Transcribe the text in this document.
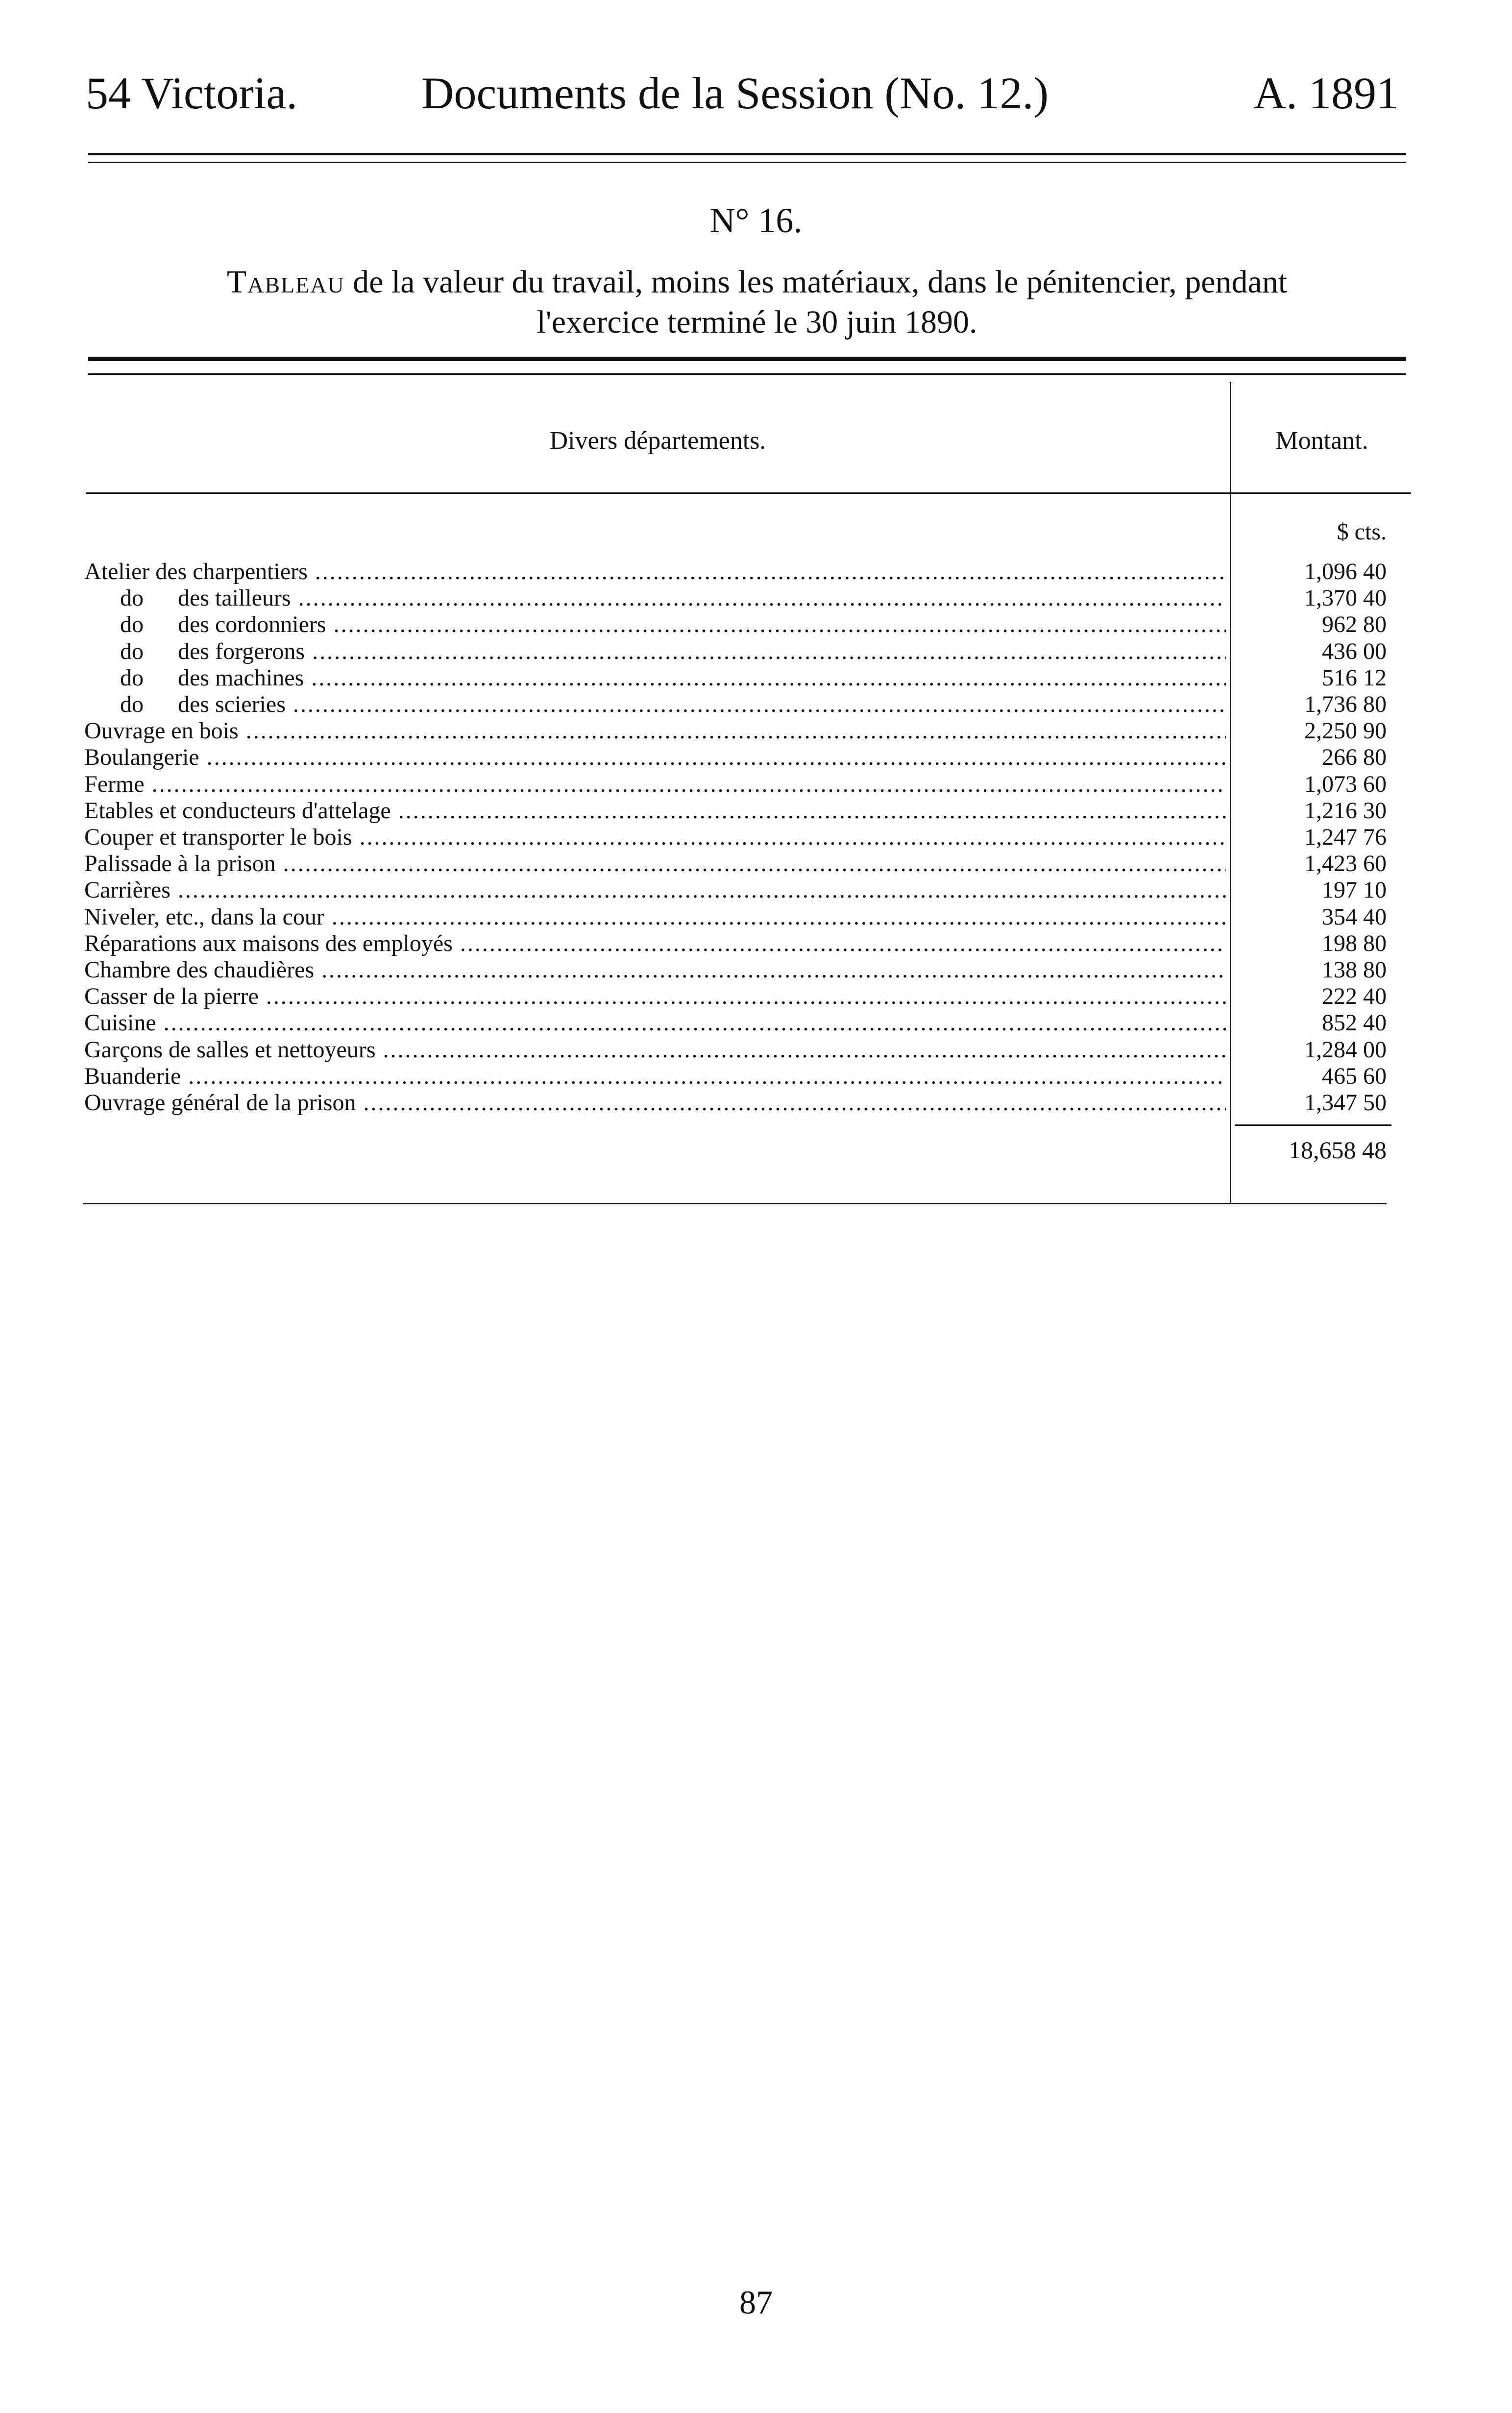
54 Victoria.	Documents de la Session (No. 12.)	A. 1891
N° 16.
Tableau de la valeur du travail, moins les matériaux, dans le pénitencier, pendant
l'exercice terminé le 30 juin 1890.
Divers départements.	Montant.
$ cts.
Atelier des charpentiers .....	1,096 40
do des tailleurs .....	1,370 40
do des cordonniers .....	962 80
do des forgerons .....	436 00
do des machines .....	516 12
do des scieries .....	1,736 80
Ouvrage en bois .....	2,250 90
Boulangerie .....	266 80
Ferme .....	1,073 60
Etables et conducteurs d'attelage .....	1,216 30
Couper et transporter le bois .....	1,247 76
Palissade à la prison .....	1,423 60
Carrières .....	197 10
Niveler, etc., dans la cour .....	354 40
Réparations aux maisons des employés .....	198 80
Chambre des chaudières .....	138 80
Casser de la pierre .....	222 40
Cuisine .....	852 40
Garçons de salles et nettoyeurs .....	1,284 00
Buanderie .....	465 60
Ouvrage général de la prison .....	1,347 50
18,658 48
87
